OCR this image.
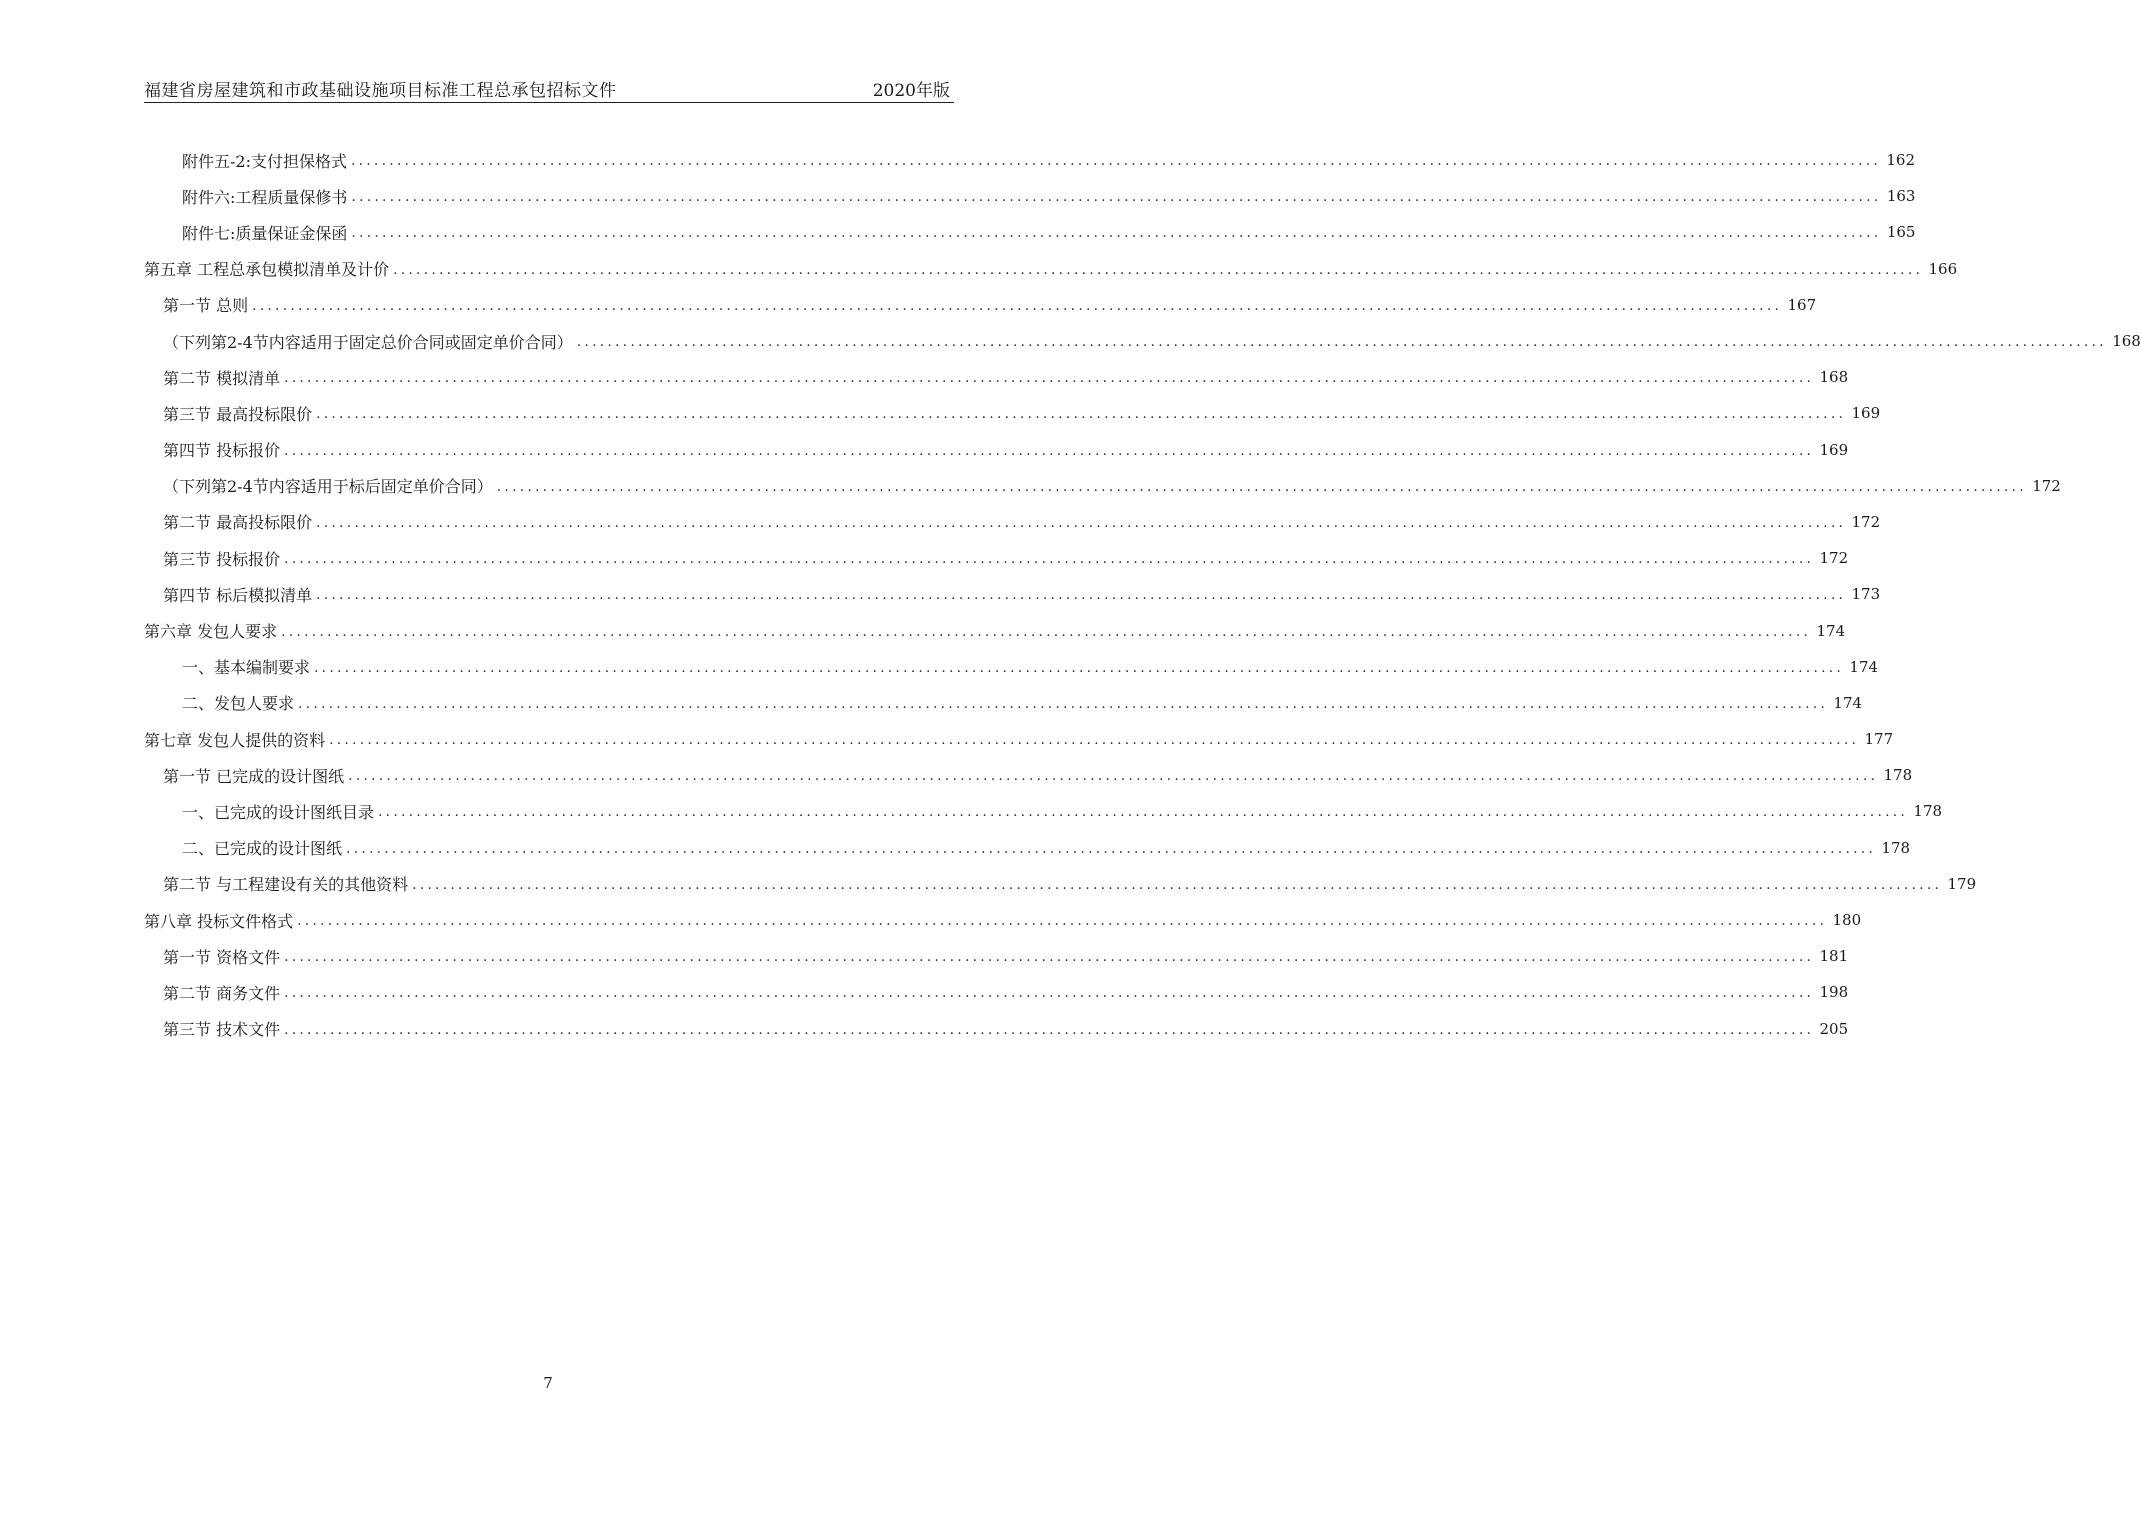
福建省房屋建筑和市政基础设施项目标准工程总承包招标文件	2020年版
附件五-2:支付担保格式 ........................................................................................................................................................................................................ 162
附件六:工程质量保修书 ........................................................................................................................................................................................................ 163
附件七:质量保证金保函 ........................................................................................................................................................................................................ 165
第五章 工程总承包模拟清单及计价 ........................................................................................................................................................................................................ 166
第一节 总则 ........................................................................................................................................................................................................ 167
（下列第2-4节内容适用于固定总价合同或固定单价合同） ........................................................................................................................................................................................................ 168
第二节 模拟清单 ........................................................................................................................................................................................................ 168
第三节 最高投标限价 ........................................................................................................................................................................................................ 169
第四节 投标报价 ........................................................................................................................................................................................................ 169
（下列第2-4节内容适用于标后固定单价合同） ........................................................................................................................................................................................................ 172
第二节 最高投标限价 ........................................................................................................................................................................................................ 172
第三节 投标报价 ........................................................................................................................................................................................................ 172
第四节 标后模拟清单 ........................................................................................................................................................................................................ 173
第六章 发包人要求 ........................................................................................................................................................................................................ 174
一、基本编制要求 ........................................................................................................................................................................................................ 174
二、发包人要求 ........................................................................................................................................................................................................ 174
第七章 发包人提供的资料 ........................................................................................................................................................................................................ 177
第一节 已完成的设计图纸 ........................................................................................................................................................................................................ 178
一、已完成的设计图纸目录 ........................................................................................................................................................................................................ 178
二、已完成的设计图纸 ........................................................................................................................................................................................................ 178
第二节 与工程建设有关的其他资料 ........................................................................................................................................................................................................ 179
第八章 投标文件格式 ........................................................................................................................................................................................................ 180
第一节 资格文件 ........................................................................................................................................................................................................ 181
第二节 商务文件 ........................................................................................................................................................................................................ 198
第三节 技术文件 ........................................................................................................................................................................................................ 205
7
